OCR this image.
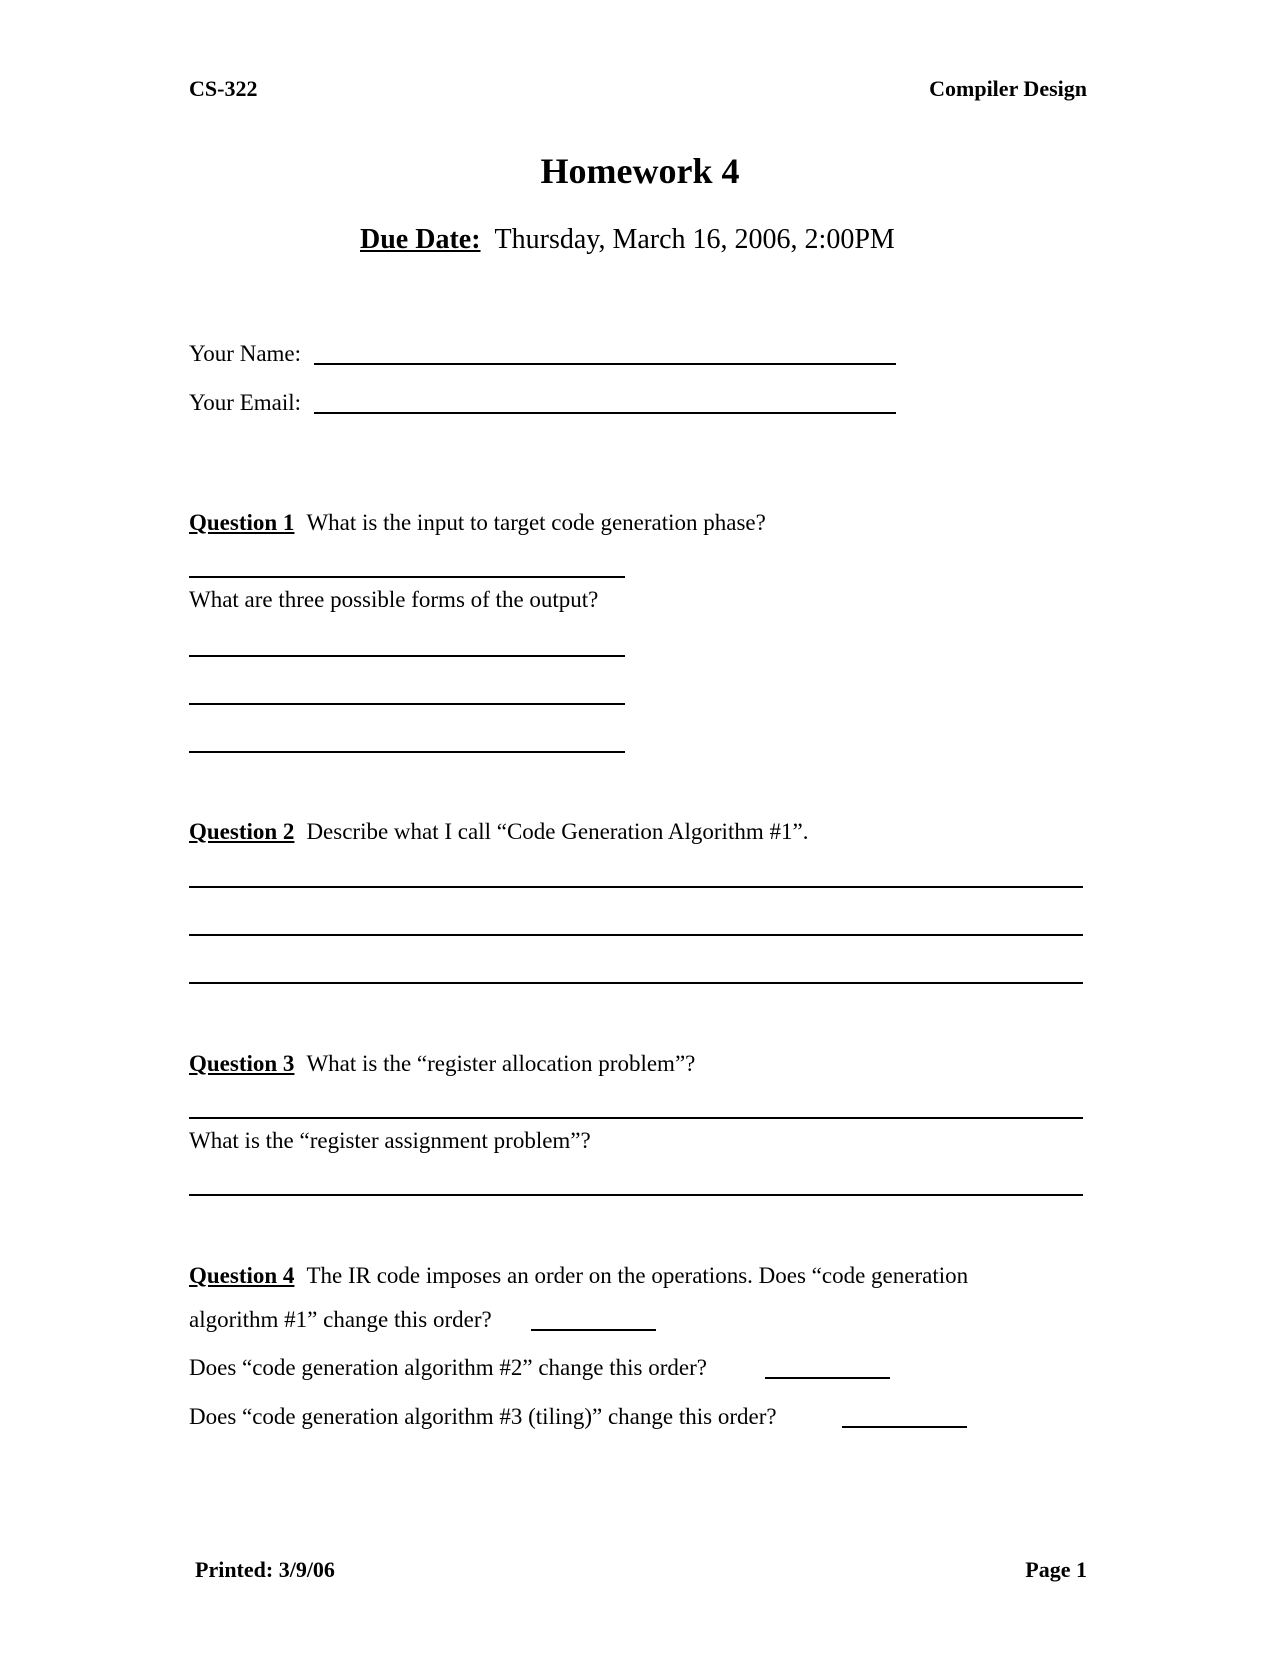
CS-322	Compiler Design
Homework 4
Due Date: Thursday, March 16, 2006, 2:00PM
Your Name:
Your Email:
Question 1 What is the input to target code generation phase?
What are three possible forms of the output?
Question 2 Describe what I call “Code Generation Algorithm #1”.
Question 3 What is the “register allocation problem”?
What is the “register assignment problem”?
Question 4 The IR code imposes an order on the operations. Does “code generation
algorithm #1” change this order?
Does “code generation algorithm #2” change this order?
Does “code generation algorithm #3 (tiling)” change this order?
Printed: 3/9/06	Page 1
